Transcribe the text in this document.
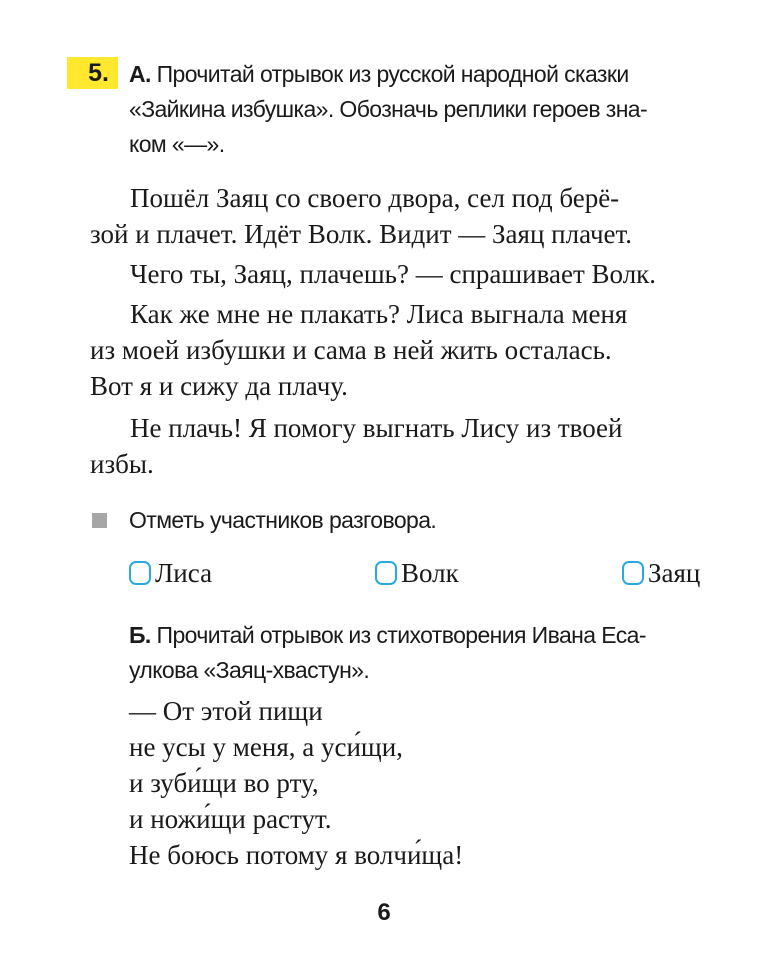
5. А. Прочитай отрывок из русской народной сказки
«Зайкина избушка». Обозначь реплики героев зна-
ком «—».
Пошёл Заяц со своего двора, сел под берё-
зой и плачет. Идёт Волк. Видит — Заяц плачет.
Чего ты, Заяц, плачешь? — спрашивает Волк.
Как же мне не плакать? Лиса выгнала меня
из моей избушки и сама в ней жить осталась.
Вот я и сижу да плачу.
Не плачь! Я помогу выгнать Лису из твоей
избы.
Отметь участников разговора.
Лиса	Волк	Заяц
Б. Прочитай отрывок из стихотворения Ивана Еса-
улкова «Заяц-хвастун».
— От этой пищи
не усы у меня, а уси́щи,
и зуби́щи во рту,
и ножи́щи растут.
Не боюсь потому я волчи́ща!
6
